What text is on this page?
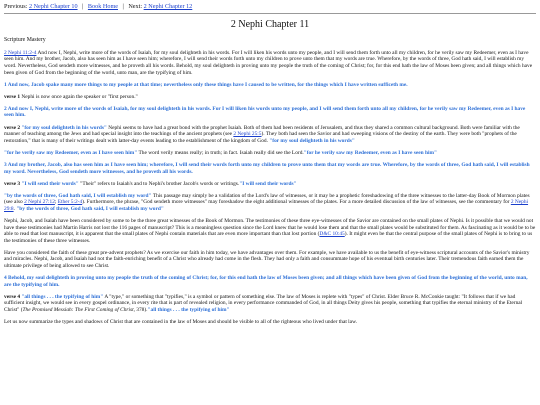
Previous: 2 Nephi Chapter 10 | Book Home | Next: 2 Nephi Chapter 12
2 Nephi Chapter 11
Scripture Mastery

2 Nephi 11:2-4 And now I, Nephi, write more of the words of Isaiah, for my soul delighteth in his words. For I will liken his words unto my people, and I will send them forth unto all my children, for he verily saw my Redeemer, even as I have seen him. And my brother, Jacob, also has seen him as I have seen him; wherefore, I will send their words forth unto my children to prove unto them that my words are true. Wherefore, by the words of three, God hath said, I will establish my word. Nevertheless, God sendeth more witnesses, and he proveth all his words. Behold, my soul delighteth in proving unto my people the truth of the coming of Christ; for, for this end hath the law of Moses been given; and all things which have been given of God from the beginning of the world, unto man, are the typifying of him.

1 And now, Jacob spake many more things to my people at that time; nevertheless only these things have I caused to be written, for the things which I have written sufficeth me.

verse 1 Nephi is now once again the speaker or "first person."

2 And now I, Nephi, write more of the words of Isaiah, for my soul delighteth in his words. For I will liken his words unto my people, and I will send them forth unto all my children, for he verily saw my Redeemer, even as I have seen him.

verse 2 "for my soul delighteth in his words" Nephi seems to have had a great bond with the prophet Isaiah. Both of them had been residents of Jerusalem, and thus they shared a common cultural background. Both were familiar with the manner of teaching among the Jews and had special insight into the teachings of the ancient prophets (see 2 Nephi 25:5). They both had seen the Savior and had sweeping visions of the destiny of the earth. They were both "prophets of the restoration," that is many of their writings dealt with latter-day events leading to the establishment of the kingdom of God. "for my soul delighteth in his words"

"for he verily saw my Redeemer, even as I have seen him" The word verily means really; in truth; in fact. Isaiah really did see the Lord."for he verily saw my Redeemer, even as I have seen him"

3 And my brother, Jacob, also has seen him as I have seen him; wherefore, I will send their words forth unto my children to prove unto them that my words are true. Wherefore, by the words of three, God hath said, I will establish my word. Nevertheless, God sendeth more witnesses, and he proveth all his words.

verse 3 "I will send their words" "Their" refers to Isaiah's and to Nephi's brother Jacob's words or writings."I will send their words"

"by the words of three, God hath said, I will establish my word" This passage may simply be a validation of the Lord's law of witnesses, or it may be a prophetic foreshadowing of the three witnesses to the latter-day Book of Mormon plates (see also 2 Nephi 27:12; Ether 5:2-4). Furthermore, the phrase, "God sendeth more witnesses" may foreshadow the eight additional witnesses of the plates. For a more detailed discussion of the law of witnesses, see the commentary for 2 Nephi 29:8. "by the words of three, God hath said, I will establish my word"

Nephi, Jacob, and Isaiah have been considered by some to be the three great witnesses of the Book of Mormon. The testimonies of these three eye-witnesses of the Savior are contained on the small plates of Nephi. Is it possible that we would not have these testimonies had Martin Harris not lost the 116 pages of manuscript? This is a meaningless question since the Lord knew that he would lose them and that the small plates would be substituted for them. As fascinating as it would be to be able to read that lost manuscript, it is apparent that the small plates of Nephi contain materials that are even more important than that lost portion (D&C 10:45). It might even be that the central purpose of the small plates of Nephi is to bring to us the testimonies of these three witnesses.

Have you considered the faith of these great pre-advent prophets? As we exercise our faith in him today, we have advantages over them. For example, we have available to us the benefit of eye-witness scriptural accounts of the Savior's ministry and miracles. Nephi, Jacob, and Isaiah had not the faith-enriching benefit of a Christ who already had come in the flesh. They had only a faith and consummate hope of his eventual birth centuries later. Their tremendous faith earned them the ultimate privilege of being allowed to see Christ.

4 Behold, my soul delighteth in proving unto my people the truth of the coming of Christ; for, for this end hath the law of Moses been given; and all things which have been given of God from the beginning of the world, unto man, are the typifying of him.

verse 4 "all things . . . the typifying of him" A "type," or something that "typifies," is a symbol or pattern of something else. The law of Moses is replete with "types" of Christ. Elder Bruce R. McConkie taught: "It follows that if we had sufficient insight, we would see in every gospel ordinance, in every rite that is part of revealed religion, in every performance commanded of God, in all things Deity gives his people, something that typifies the eternal ministry of the Eternal Christ" (The Promised Messiah: The First Coming of Christ, 378)."all things . . . the typifying of him"

Let us now summarize the types and shadows of Christ that are contained in the law of Moses and should be visible to all of the righteous who lived under that law.
